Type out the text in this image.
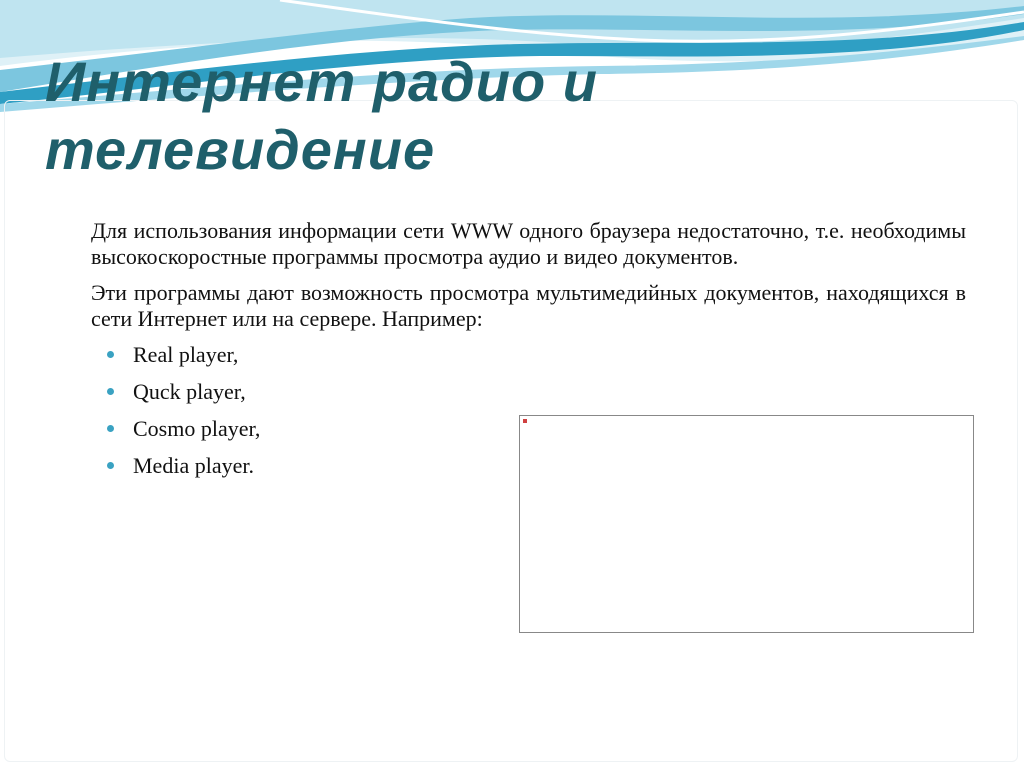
Интернет радио и телевидение

Для использования информации сети WWW одного браузера недостаточно, т.е. необходимы высокоскоростные программы просмотра аудио и видео документов.

Эти программы дают возможность просмотра мультимедийных документов, находящихся в сети Интернет или на сервере. Например:

Real player,
Quck player,
Cosmo player,
Media player.
